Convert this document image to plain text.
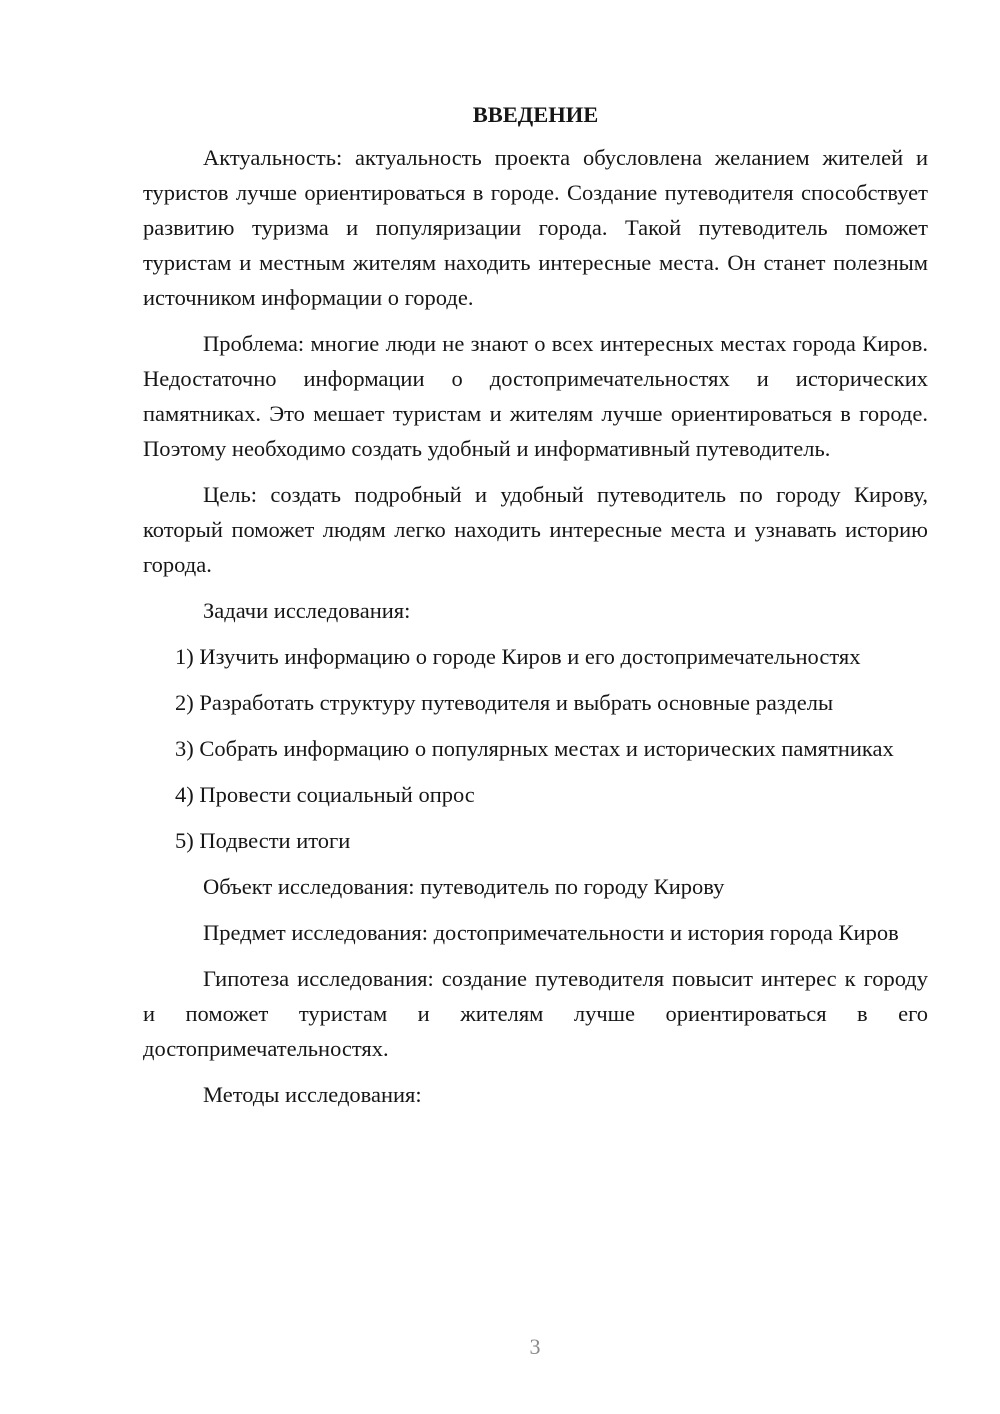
ВВЕДЕНИЕ

Актуальность: актуальность проекта обусловлена желанием жителей и туристов лучше ориентироваться в городе. Создание путеводителя способствует развитию туризма и популяризации города. Такой путеводитель поможет туристам и местным жителям находить интересные места. Он станет полезным источником информации о городе.

Проблема: многие люди не знают о всех интересных местах города Киров. Недостаточно информации о достопримечательностях и исторических памятниках. Это мешает туристам и жителям лучше ориентироваться в городе. Поэтому необходимо создать удобный и информативный путеводитель.

Цель: создать подробный и удобный путеводитель по городу Кирову, который поможет людям легко находить интересные места и узнавать историю города.

Задачи исследования:

1) Изучить информацию о городе Киров и его достопримечательностях

2) Разработать структуру путеводителя и выбрать основные разделы

3) Собрать информацию о популярных местах и исторических памятниках

4) Провести социальный опрос

5) Подвести итоги

Объект исследования: путеводитель по городу Кирову

Предмет исследования: достопримечательности и история города Киров

Гипотеза исследования: создание путеводителя повысит интерес к городу и поможет туристам и жителям лучше ориентироваться в его достопримечательностях.

Методы исследования:

3
